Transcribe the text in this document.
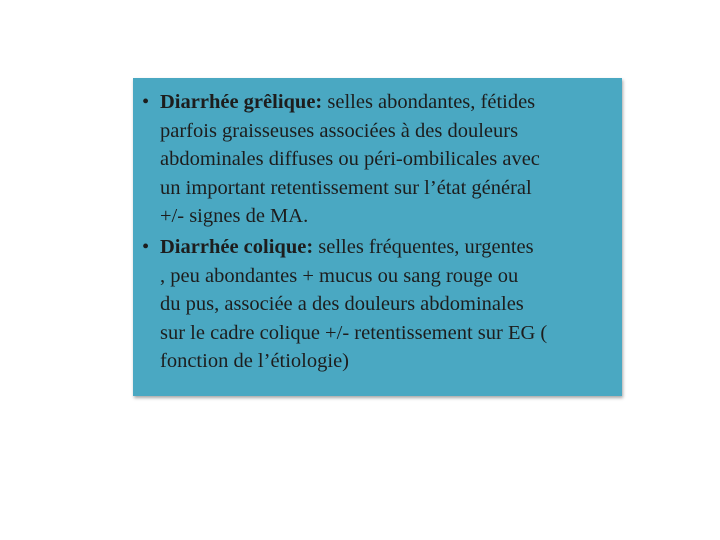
• Diarrhée grêlique: selles abondantes, fétides
parfois graisseuses associées à des douleurs
abdominales diffuses ou péri-ombilicales avec
un important retentissement sur l’état général
+/- signes de MA.
• Diarrhée colique: selles fréquentes, urgentes
, peu abondantes + mucus ou sang rouge ou
du pus, associée a des douleurs abdominales
sur le cadre colique +/- retentissement sur EG (
fonction de l’étiologie)
